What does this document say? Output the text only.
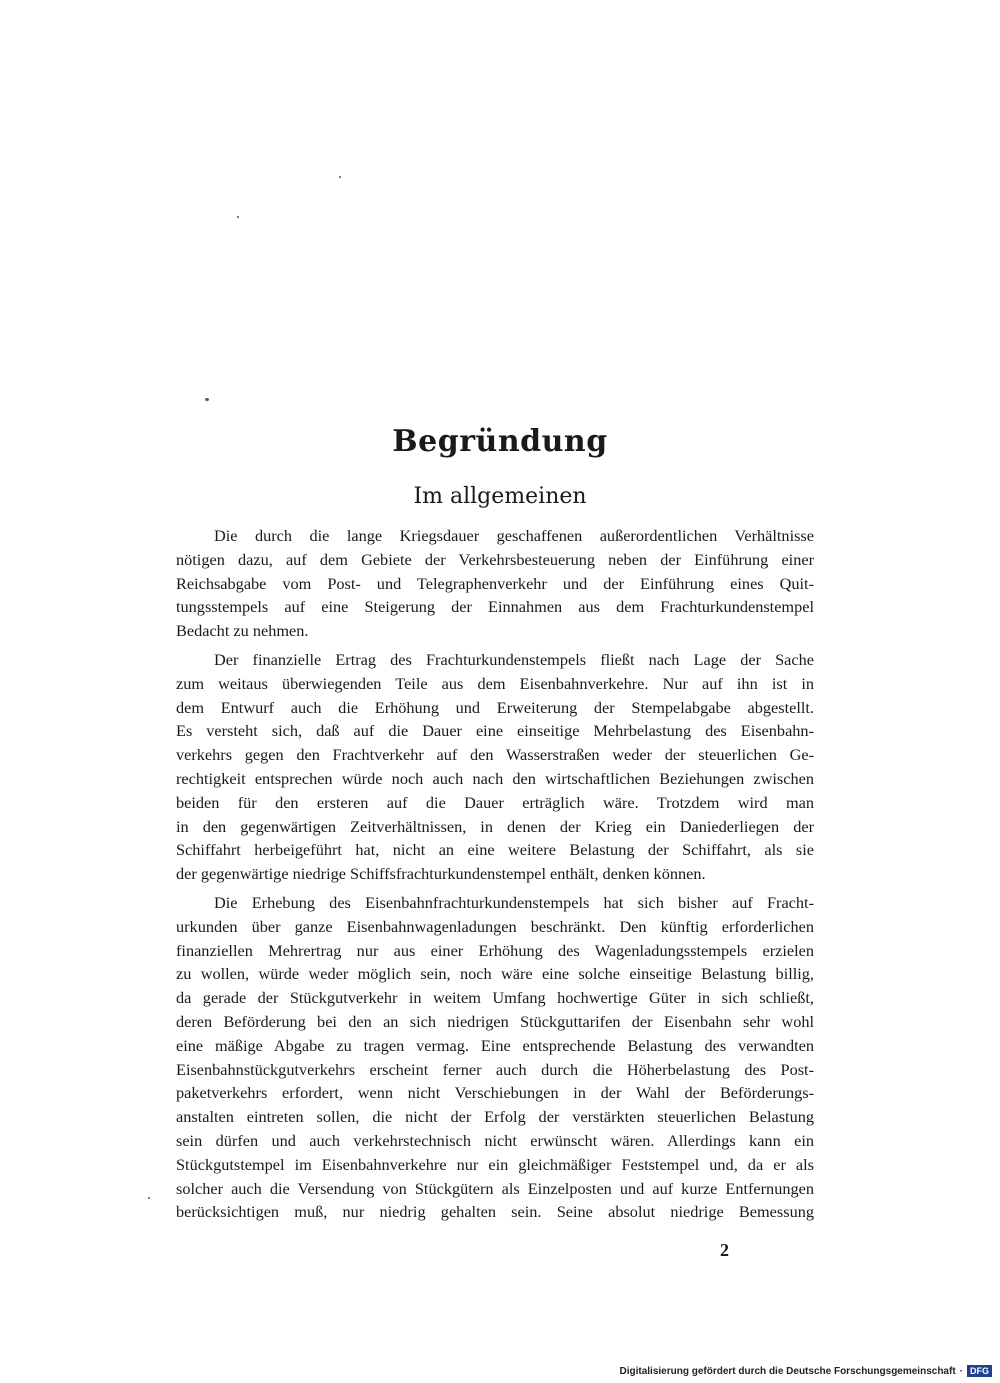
Begründung
Im allgemeinen

Die durch die lange Kriegsdauer geschaffenen außerordentlichen Verhältnisse
nötigen dazu, auf dem Gebiete der Verkehrsbesteuerung neben der Einführung einer
Reichsabgabe vom Post- und Telegraphenverkehr und der Einführung eines Quit-
tungsstempels auf eine Steigerung der Einnahmen aus dem Frachturkundenstempel
Bedacht zu nehmen.

Der finanzielle Ertrag des Frachturkundenstempels fließt nach Lage der Sache
zum weitaus überwiegenden Teile aus dem Eisenbahnverkehre. Nur auf ihn ist in
dem Entwurf auch die Erhöhung und Erweiterung der Stempelabgabe abgestellt.
Es versteht sich, daß auf die Dauer eine einseitige Mehrbelastung des Eisenbahn-
verkehrs gegen den Frachtverkehr auf den Wasserstraßen weder der steuerlichen Ge-
rechtigkeit entsprechen würde noch auch nach den wirtschaftlichen Beziehungen zwischen
beiden für den ersteren auf die Dauer erträglich wäre. Trotzdem wird man
in den gegenwärtigen Zeitverhältnissen, in denen der Krieg ein Daniederliegen der
Schiffahrt herbeigeführt hat, nicht an eine weitere Belastung der Schiffahrt, als sie
der gegenwärtige niedrige Schiffsfrachturkundenstempel enthält, denken können.

Die Erhebung des Eisenbahnfrachturkundenstempels hat sich bisher auf Fracht-
urkunden über ganze Eisenbahnwagenladungen beschränkt. Den künftig erforderlichen
finanziellen Mehrertrag nur aus einer Erhöhung des Wagenladungsstempels erzielen
zu wollen, würde weder möglich sein, noch wäre eine solche einseitige Belastung billig,
da gerade der Stückgutverkehr in weitem Umfang hochwertige Güter in sich schließt,
deren Beförderung bei den an sich niedrigen Stückguttarifen der Eisenbahn sehr wohl
eine mäßige Abgabe zu tragen vermag. Eine entsprechende Belastung des verwandten
Eisenbahnstückgutverkehrs erscheint ferner auch durch die Höherbelastung des Post-
paketverkehrs erfordert, wenn nicht Verschiebungen in der Wahl der Beförderungs-
anstalten eintreten sollen, die nicht der Erfolg der verstärkten steuerlichen Belastung
sein dürfen und auch verkehrstechnisch nicht erwünscht wären. Allerdings kann ein
Stückgutstempel im Eisenbahnverkehre nur ein gleichmäßiger Feststempel und, da er als
solcher auch die Versendung von Stückgütern als Einzelposten und auf kurze Entfernungen
berücksichtigen muß, nur niedrig gehalten sein. Seine absolut niedrige Bemessung

2
Digitalisierung gefördert durch die Deutsche Forschungsgemeinschaft · DFG
